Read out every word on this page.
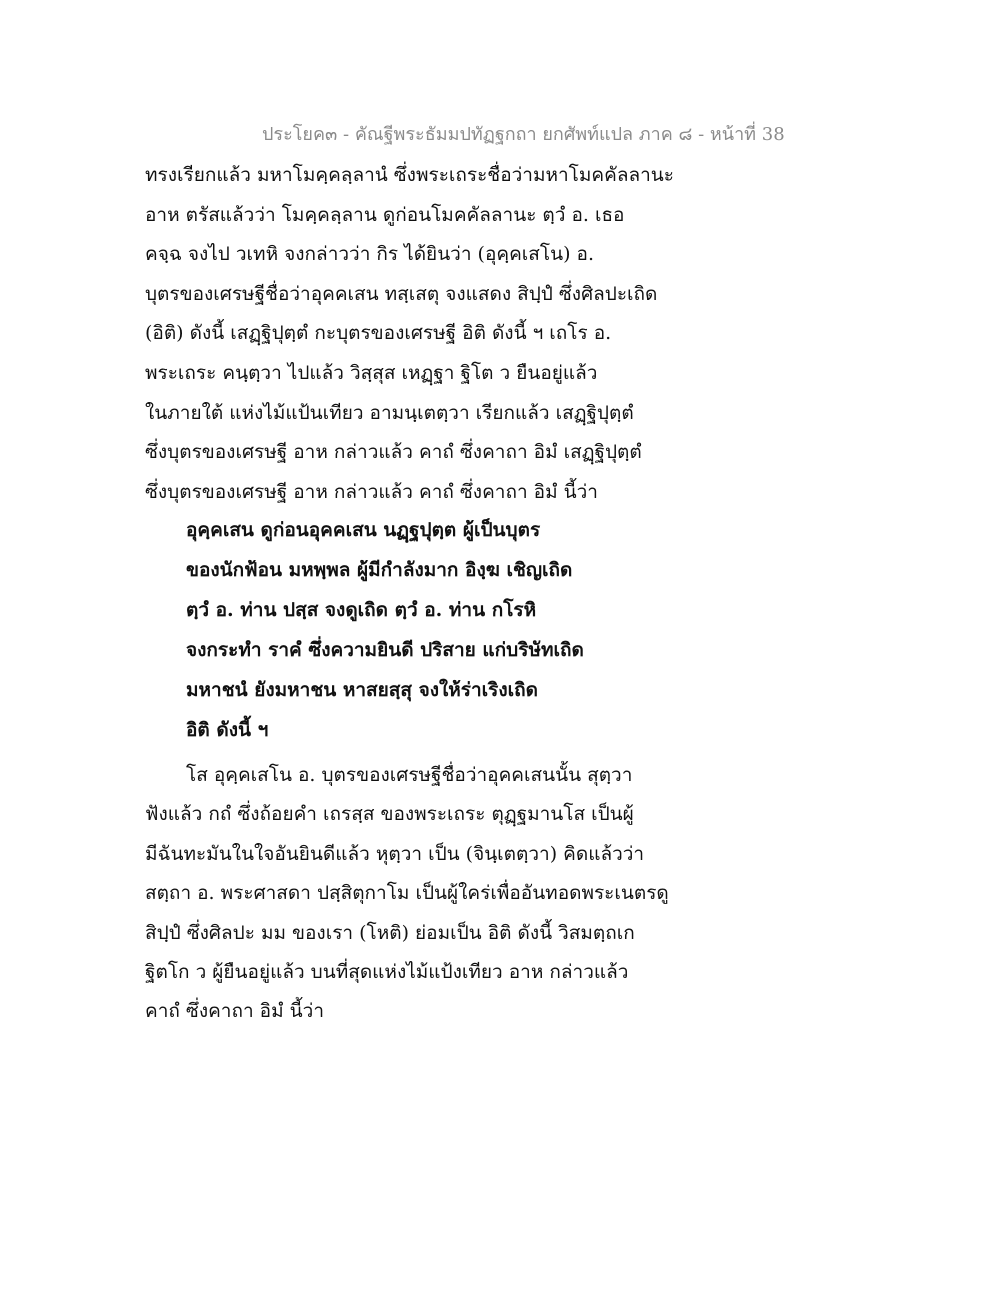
ประโยค๓ - คัณฐีพระธัมมปทัฏฐกถา ยกศัพท์แปล ภาค ๘ - หน้าที่ 38
ทรงเรียกแล้ว มหาโมคฺคลฺลานํ ซึ่งพระเถระชื่อว่ามหาโมคคัลลานะ
อาห ตรัสแล้วว่า โมคฺคลฺลาน ดูก่อนโมคคัลลานะ ตฺวํ อ. เธอ
คจฺฉ จงไป วเทหิ จงกล่าวว่า กิร ได้ยินว่า (อุคฺคเสโน) อ.
บุตรของเศรษฐีชื่อว่าอุคคเสน ทสฺเสตุ จงแสดง สิปฺปํ ซึ่งศิลปะเถิด
(อิติ) ดังนี้ เสฏฺฐิปุตฺตํ กะบุตรของเศรษฐี อิติ ดังนี้ ฯ เถโร อ.
พระเถระ คนฺตฺวา ไปแล้ว วิสฺสุส เหฏฺฐา ฐิโต ว ยืนอยู่แล้ว
ในภายใต้ แห่งไม้แป้นเทียว อามนฺเตตฺวา เรียกแล้ว เสฏฺฐิปุตฺตํ
ซึ่งบุตรของเศรษฐี อาห กล่าวแล้ว คาถํ ซึ่งคาถา อิมํ เสฏฺฐิปุตฺตํ
ซึ่งบุตรของเศรษฐี อาห กล่าวแล้ว คาถํ ซึ่งคาถา อิมํ นี้ว่า
อุคฺคเสน ดูก่อนอุคคเสน นฏฺฐปุตฺต ผู้เป็นบุตร
ของนักฟ้อน มหพฺพล ผู้มีกำลังมาก อิงฺฆ เชิญเถิด
ตฺวํ อ. ท่าน ปสฺส จงดูเถิด ตฺวํ อ. ท่าน กโรหิ
จงกระทำ ราคํ ซึ่งความยินดี ปริสาย แก่บริษัทเถิด
มหาชนํ ยังมหาชน หาสยสฺสุ จงให้ร่าเริงเถิด
อิติ ดังนี้ ฯ
โส อุคฺคเสโน อ. บุตรของเศรษฐีชื่อว่าอุคคเสนนั้น สุตฺวา
ฟังแล้ว กถํ ซึ่งถ้อยคำ เถรสฺส ของพระเถระ ตุฏฺฐมานโส เป็นผู้
มีฉันทะมันในใจอันยินดีแล้ว หุตฺวา เป็น (จินฺเตตฺวา) คิดแล้วว่า
สตฺถา อ. พระศาสดา ปสฺสิตุกาโม เป็นผู้ใคร่เพื่ออันทอดพระเนตรดู
สิปฺปํ ซึ่งศิลปะ มม ของเรา (โหติ) ย่อมเป็น อิติ ดังนี้ วิสมตฺถเก
ฐิตโก ว ผู้ยืนอยู่แล้ว บนที่สุดแห่งไม้แป้งเทียว อาห กล่าวแล้ว
คาถํ ซึ่งคาถา อิมํ นี้ว่า
